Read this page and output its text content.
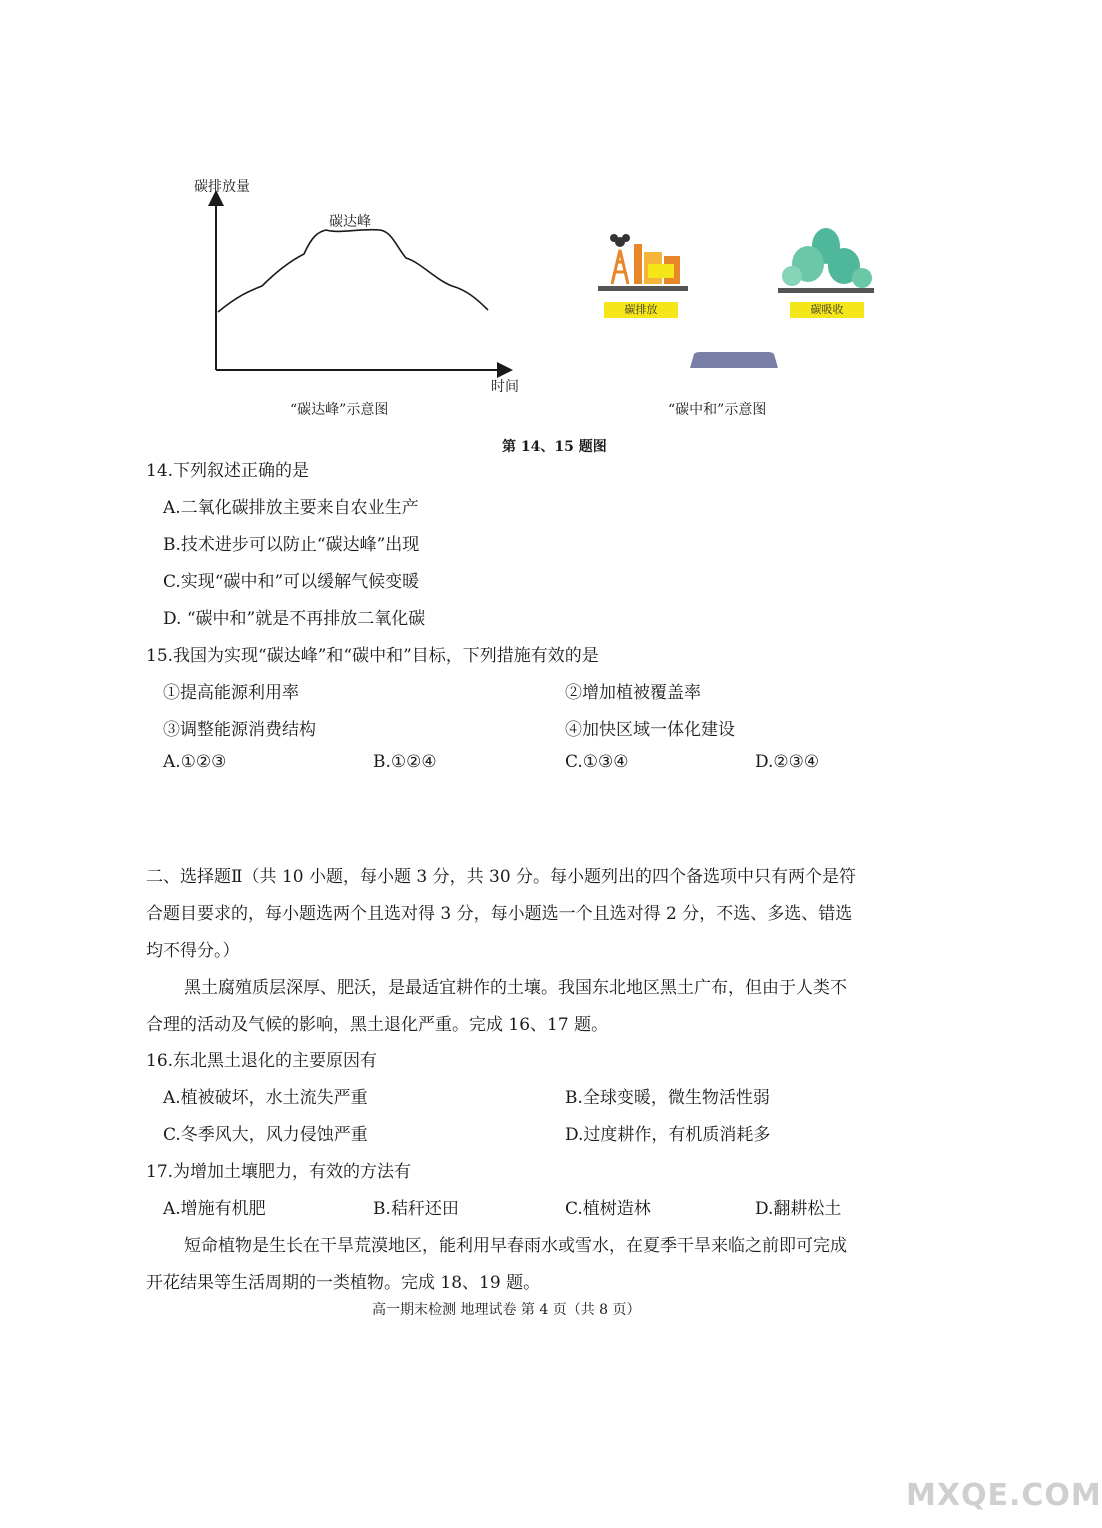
碳排放量
碳达峰
时间
“碳达峰”示意图
碳排放	碳吸收
“碳中和”示意图
第 14、15 题图
14.下列叙述正确的是
A.二氧化碳排放主要来自农业生产
B.技术进步可以防止“碳达峰”出现
C.实现“碳中和”可以缓解气候变暖
D. “碳中和”就是不再排放二氧化碳
15.我国为实现“碳达峰”和“碳中和”目标，下列措施有效的是
①提高能源利用率	②增加植被覆盖率
③调整能源消费结构	④加快区域一体化建设
A.①②③	B.①②④	C.①③④	D.②③④
二、选择题Ⅱ（共 10 小题，每小题 3 分，共 30 分。每小题列出的四个备选项中只有两个是符
合题目要求的，每小题选两个且选对得 3 分，每小题选一个且选对得 2 分，不选、多选、错选
均不得分。）
黑土腐殖质层深厚、肥沃，是最适宜耕作的土壤。我国东北地区黑土广布，但由于人类不
合理的活动及气候的影响，黑土退化严重。完成 16、17 题。
16.东北黑土退化的主要原因有
A.植被破坏，水土流失严重	B.全球变暖，微生物活性弱
C.冬季风大，风力侵蚀严重	D.过度耕作，有机质消耗多
17.为增加土壤肥力，有效的方法有
A.增施有机肥	B.秸秆还田	C.植树造林	D.翻耕松土
短命植物是生长在干旱荒漠地区，能利用早春雨水或雪水，在夏季干旱来临之前即可完成
开花结果等生活周期的一类植物。完成 18、19 题。
高一期末检测 地理试卷 第 4 页（共 8 页）
MXQE.COM
